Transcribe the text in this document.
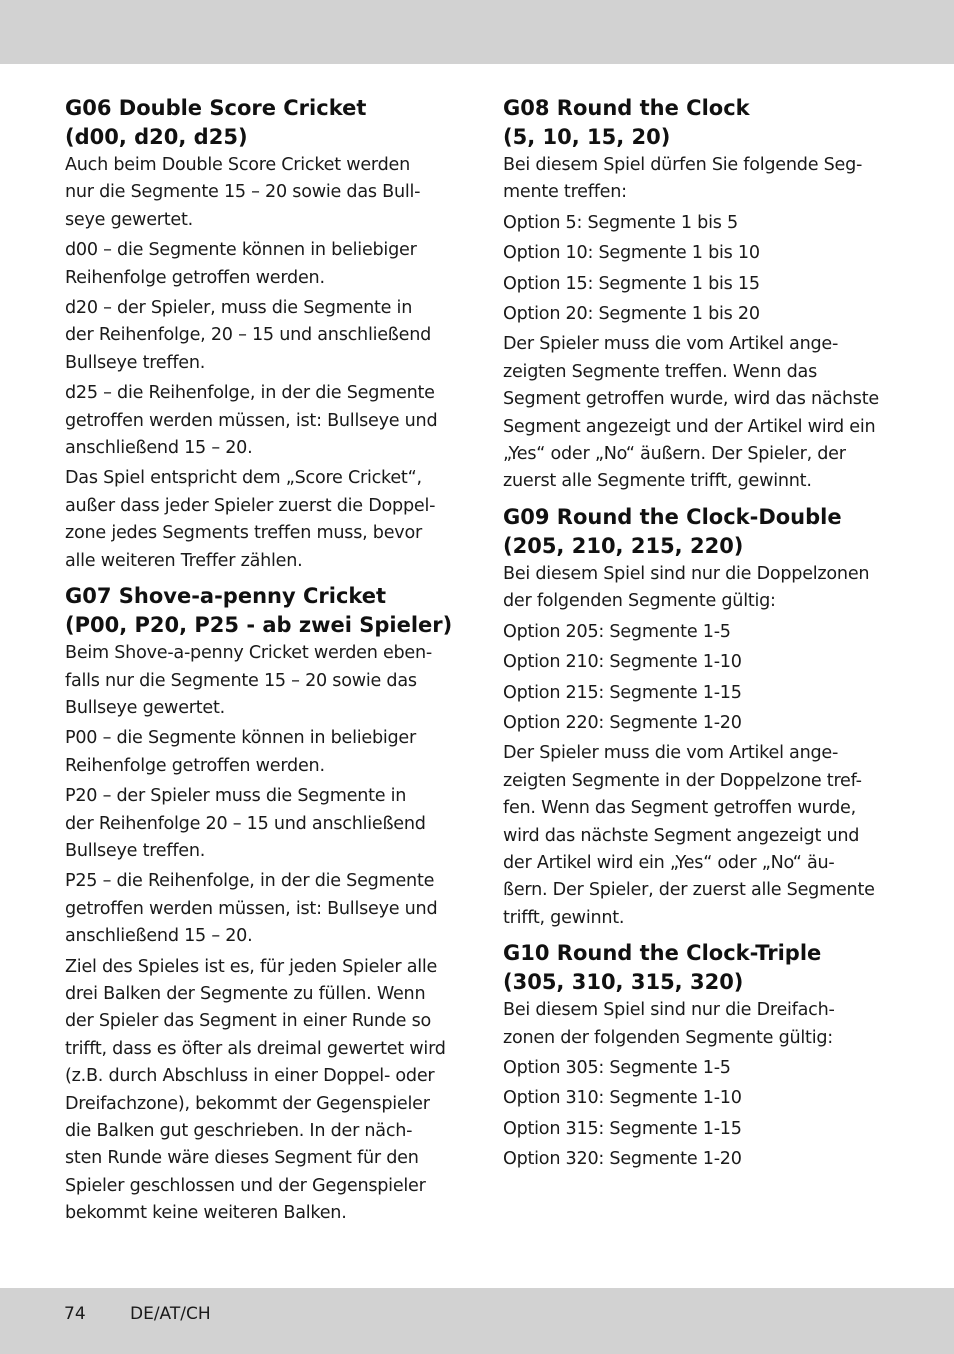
G06 Double Score Cricket
(d00, d20, d25)

Auch beim Double Score Cricket werden
nur die Segmente 15 – 20 sowie das Bull-
seye gewertet.

d00 – die Segmente können in beliebiger
Reihenfolge getroffen werden.

d20 – der Spieler, muss die Segmente in
der Reihenfolge, 20 – 15 und anschließend
Bullseye treffen.

d25 – die Reihenfolge, in der die Segmente
getroffen werden müssen, ist: Bullseye und
anschließend 15 – 20.

Das Spiel entspricht dem „Score Cricket“,
außer dass jeder Spieler zuerst die Doppel-
zone jedes Segments treffen muss, bevor
alle weiteren Treffer zählen.

G07 Shove-a-penny Cricket
(P00, P20, P25 - ab zwei Spieler)

Beim Shove-a-penny Cricket werden eben-
falls nur die Segmente 15 – 20 sowie das
Bullseye gewertet.

P00 – die Segmente können in beliebiger
Reihenfolge getroffen werden.

P20 – der Spieler muss die Segmente in
der Reihenfolge 20 – 15 und anschließend
Bullseye treffen.

P25 – die Reihenfolge, in der die Segmente
getroffen werden müssen, ist: Bullseye und
anschließend 15 – 20.

Ziel des Spieles ist es, für jeden Spieler alle
drei Balken der Segmente zu füllen. Wenn
der Spieler das Segment in einer Runde so
trifft, dass es öfter als dreimal gewertet wird
(z.B. durch Abschluss in einer Doppel- oder
Dreifachzone), bekommt der Gegenspieler
die Balken gut geschrieben. In der näch-
sten Runde wäre dieses Segment für den
Spieler geschlossen und der Gegenspieler
bekommt keine weiteren Balken.

G08 Round the Clock
(5, 10, 15, 20)

Bei diesem Spiel dürfen Sie folgende Seg-
mente treffen:

Option 5: Segmente 1 bis 5

Option 10: Segmente 1 bis 10

Option 15: Segmente 1 bis 15

Option 20: Segmente 1 bis 20

Der Spieler muss die vom Artikel ange-
zeigten Segmente treffen. Wenn das
Segment getroffen wurde, wird das nächste
Segment angezeigt und der Artikel wird ein
„Yes“ oder „No“ äußern. Der Spieler, der
zuerst alle Segmente trifft, gewinnt.

G09 Round the Clock-Double
(205, 210, 215, 220)

Bei diesem Spiel sind nur die Doppelzonen
der folgenden Segmente gültig:

Option 205: Segmente 1-5

Option 210: Segmente 1-10

Option 215: Segmente 1-15

Option 220: Segmente 1-20

Der Spieler muss die vom Artikel ange-
zeigten Segmente in der Doppelzone tref-
fen. Wenn das Segment getroffen wurde,
wird das nächste Segment angezeigt und
der Artikel wird ein „Yes“ oder „No“ äu-
ßern. Der Spieler, der zuerst alle Segmente
trifft, gewinnt.

G10 Round the Clock-Triple
(305, 310, 315, 320)

Bei diesem Spiel sind nur die Dreifach-
zonen der folgenden Segmente gültig:

Option 305: Segmente 1-5

Option 310: Segmente 1-10

Option 315: Segmente 1-15

Option 320: Segmente 1-20

74	DE/AT/CH
